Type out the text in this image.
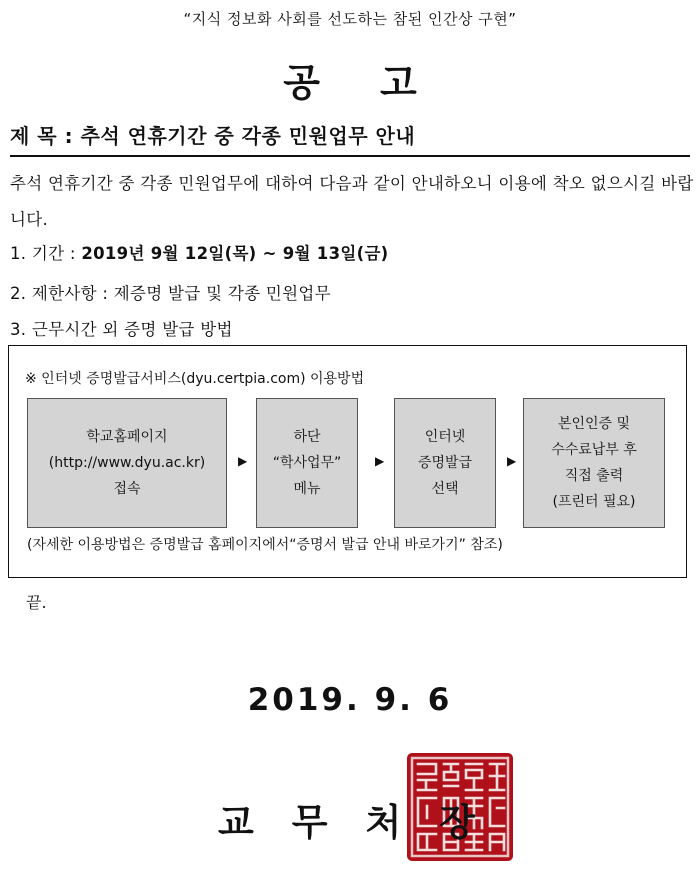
“지식 정보화 사회를 선도하는 참된 인간상 구현”
공고
제 목 : 추석 연휴기간 중 각종 민원업무 안내
추석 연휴기간 중 각종 민원업무에 대하여 다음과 같이 안내하오니 이용에 착오 없으시길 바랍니다.
1. 기간 : 2019년 9월 12일(목) ~ 9월 13일(금)
2. 제한사항 : 제증명 발급 및 각종 민원업무
3. 근무시간 외 증명 발급 방법
※ 인터넷 증명발급서비스(dyu.certpia.com) 이용방법
학교홈페이지
(http://www.dyu.ac.kr)
접속
▶
하단
“학사업무”
메뉴
▶
인터넷
증명발급
선택
▶
본인인증 및
수수료납부 후
직접 출력
(프린터 필요)
(자세한 이용방법은 증명발급 홈페이지에서“증명서 발급 안내 바로가기” 참조)
끝.
2019. 9. 6
교무처장
